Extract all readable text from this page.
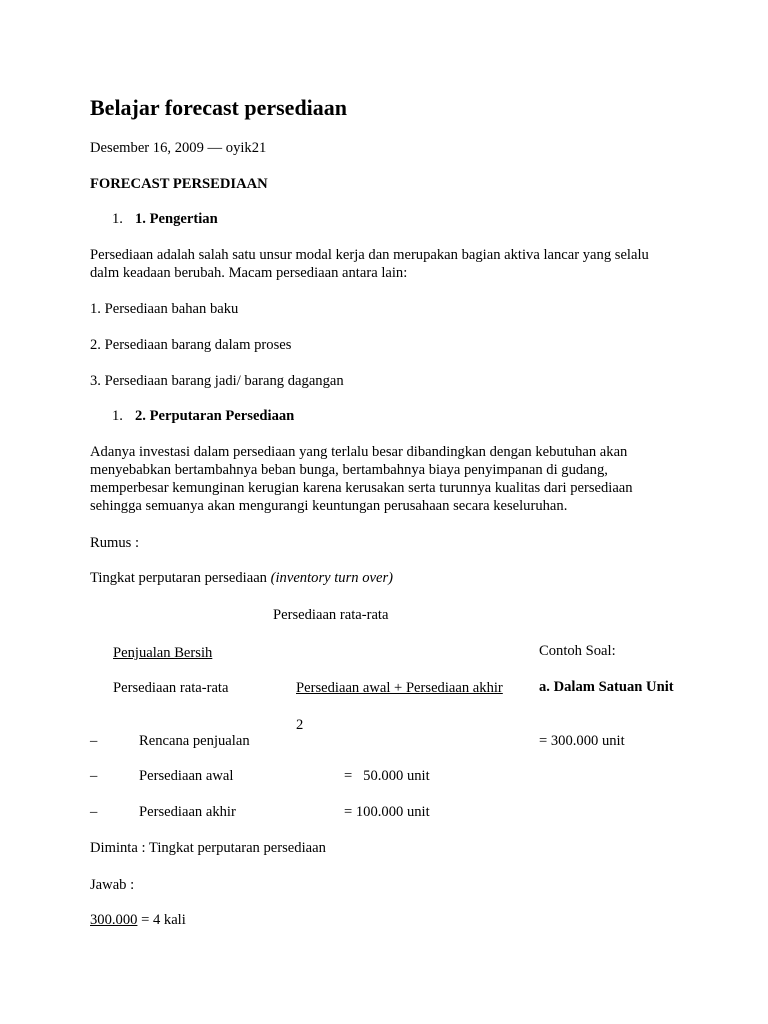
Belajar forecast persediaan
Desember 16, 2009 — oyik21
FORECAST PERSEDIAAN
1. 1. Pengertian
Persediaan adalah salah satu unsur modal kerja dan merupakan bagian aktiva lancar yang selalu dalm keadaan berubah. Macam persediaan antara lain:
1. Persediaan bahan baku
2. Persediaan barang dalam proses
3. Persediaan barang jadi/ barang dagangan
1. 2. Perputaran Persediaan
Adanya investasi dalam persediaan yang terlalu besar dibandingkan dengan kebutuhan akan menyebabkan bertambahnya beban bunga, bertambahnya biaya penyimpanan di gudang, memperbesar kemunginan kerugian karena kerusakan serta turunnya kualitas dari persediaan sehingga semuanya akan mengurangi keuntungan perusahaan secara keseluruhan.
Rumus :
Tingkat perputaran persediaan (inventory turn over)
Persediaan rata-rata
Penjualan Bersih
Persediaan rata-rata	Persediaan awal + Persediaan akhir
2
Contoh Soal:
a. Dalam Satuan Unit
–	Rencana penjualan	= 300.000 unit
–	Persediaan awal	=   50.000 unit
–	Persediaan akhir	= 100.000 unit
Diminta : Tingkat perputaran persediaan
Jawab :
300.000 = 4 kali
